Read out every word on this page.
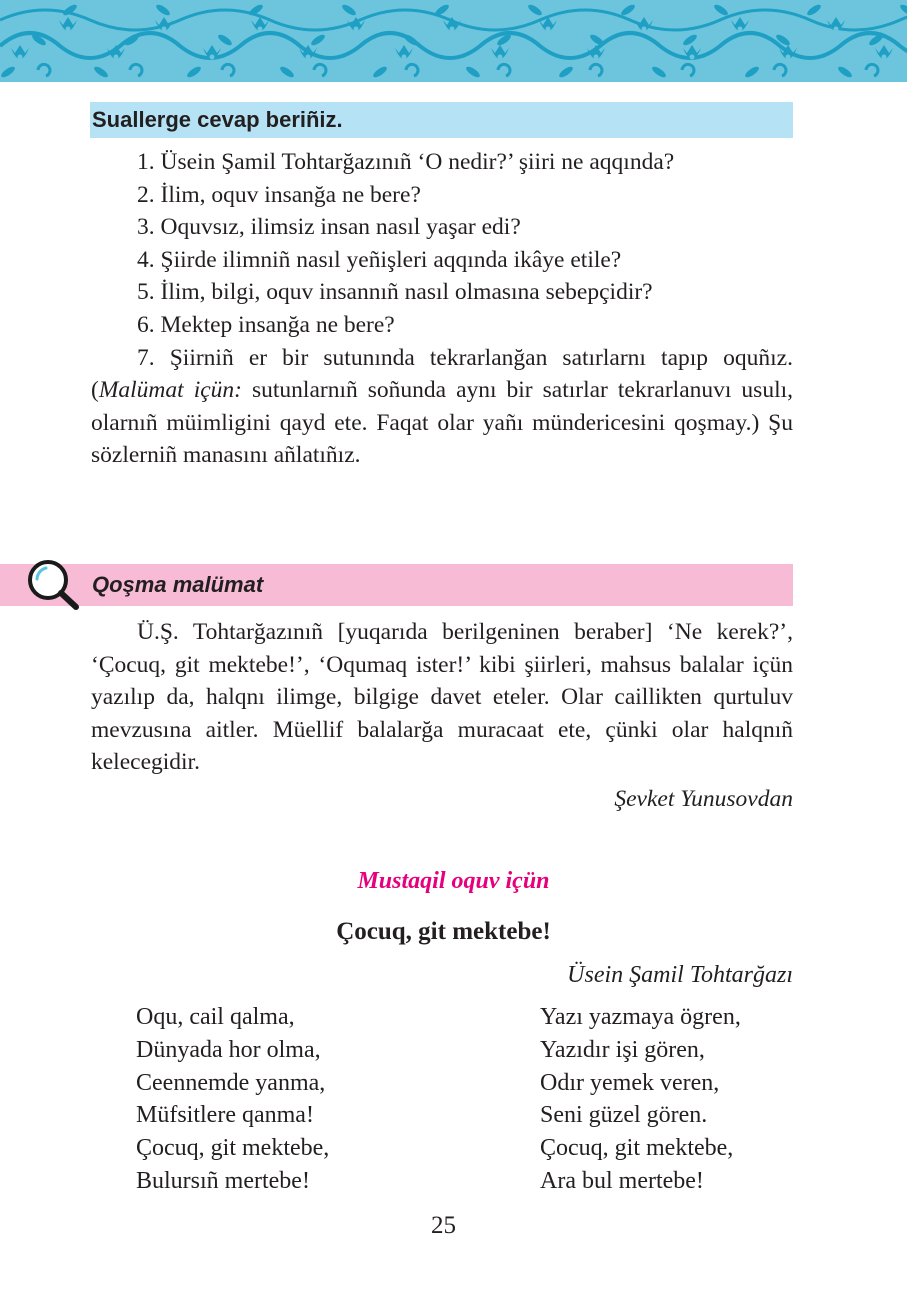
Suallerge cevap beriñiz.

1. Üsein Şamil Tohtarğazınıñ ‘O nedir?’ şiiri ne aqqında?

2. İlim, oquv insanğa ne bere?

3. Oquvsız, ilimsiz insan nasıl yaşar edi?

4. Şiirde ilimniñ nasıl yeñişleri aqqında ikâye etile?

5. İlim, bilgi, oquv insannıñ nasıl olmasına sebepçidir?

6. Mektep insanğa ne bere?

7. Şiirniñ er bir sutunında tekrarlanğan satırlarnı tapıp oquñız. (Malümat içün: sutunlarnıñ soñunda aynı bir satırlar tekrarlanuvı usulı, olarnıñ müimligini qayd ete. Faqat olar yañı mündericesini qoşmay.) Şu sözlerniñ manasını añlatıñız.

Qoşma malümat

Ü.Ş. Tohtarğazınıñ [yuqarıda berilgeninen beraber] ‘Ne kerek?’, ‘Çocuq, git mektebe!’, ‘Oqumaq ister!’ kibi şiirleri, mahsus balalar içün yazılıp da, halqnı ilimge, bilgige davet eteler. Olar caillikten qurtuluv mevzusına aitler. Müellif balalarğa muracaat ete, çünki olar halqnıñ kelecegidir.

Şevket Yunusovdan
Mustaqil oquv içün
Çocuq, git mektebe!
Üsein Şamil Tohtarğazı
Oqu, cail qalma,
Dünyada hor olma,
Ceennemde yanma,
Müfsitlere qanma!
Çocuq, git mektebe,
Bulursıñ mertebe!
Yazı yazmaya ögren,
Yazıdır işi gören,
Odır yemek veren,
Seni güzel gören.
Çocuq, git mektebe,
Ara bul mertebe!
25
